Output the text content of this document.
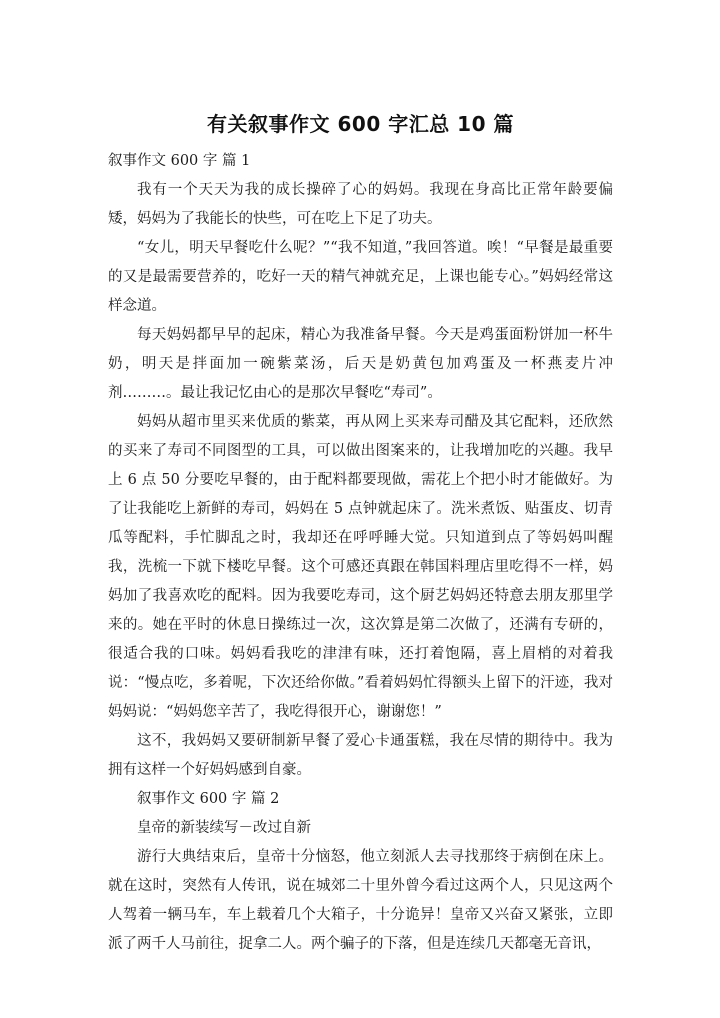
有关叙事作文 600 字汇总 10 篇

叙事作文 600 字 篇 1

我有一个天天为我的成长操碎了心的妈妈。我现在身高比正常年龄要偏矮，妈妈为了我能长的快些，可在吃上下足了功夫。

“女儿，明天早餐吃什么呢？”“我不知道，”我回答道。唉！“早餐是最重要的又是最需要营养的，吃好一天的精气神就充足，上课也能专心。”妈妈经常这样念道。

每天妈妈都早早的起床，精心为我准备早餐。今天是鸡蛋面粉饼加一杯牛奶，明天是拌面加一碗紫菜汤，后天是奶黄包加鸡蛋及一杯燕麦片冲剂………。最让我记忆由心的是那次早餐吃“寿司”。

妈妈从超市里买来优质的紫菜，再从网上买来寿司醋及其它配料，还欣然的买来了寿司不同图型的工具，可以做出图案来的，让我增加吃的兴趣。我早上 6 点 50 分要吃早餐的，由于配料都要现做，需花上个把小时才能做好。为了让我能吃上新鲜的寿司，妈妈在 5 点钟就起床了。洗米煮饭、贴蛋皮、切青瓜等配料，手忙脚乱之时，我却还在呼呼睡大觉。只知道到点了等妈妈叫醒我，洗梳一下就下楼吃早餐。这个可感还真跟在韩国料理店里吃得不一样，妈妈加了我喜欢吃的配料。因为我要吃寿司，这个厨艺妈妈还特意去朋友那里学来的。她在平时的休息日操练过一次，这次算是第二次做了，还满有专研的，很适合我的口味。妈妈看我吃的津津有味，还打着饱隔，喜上眉梢的对着我说：“慢点吃，多着呢，下次还给你做。”看着妈妈忙得额头上留下的汗迹，我对妈妈说：“妈妈您辛苦了，我吃得很开心，谢谢您！”

这不，我妈妈又要研制新早餐了爱心卡通蛋糕，我在尽情的期待中。我为拥有这样一个好妈妈感到自豪。

叙事作文 600 字 篇 2

皇帝的新装续写－改过自新

游行大典结束后，皇帝十分恼怒，他立刻派人去寻找那终于病倒在床上。就在这时，突然有人传讯，说在城郊二十里外曾今看过这两个人，只见这两个人驾着一辆马车，车上载着几个大箱子，十分诡异！皇帝又兴奋又紧张，立即派了两千人马前往，捉拿二人。两个骗子的下落，但是连续几天都毫无音讯，
